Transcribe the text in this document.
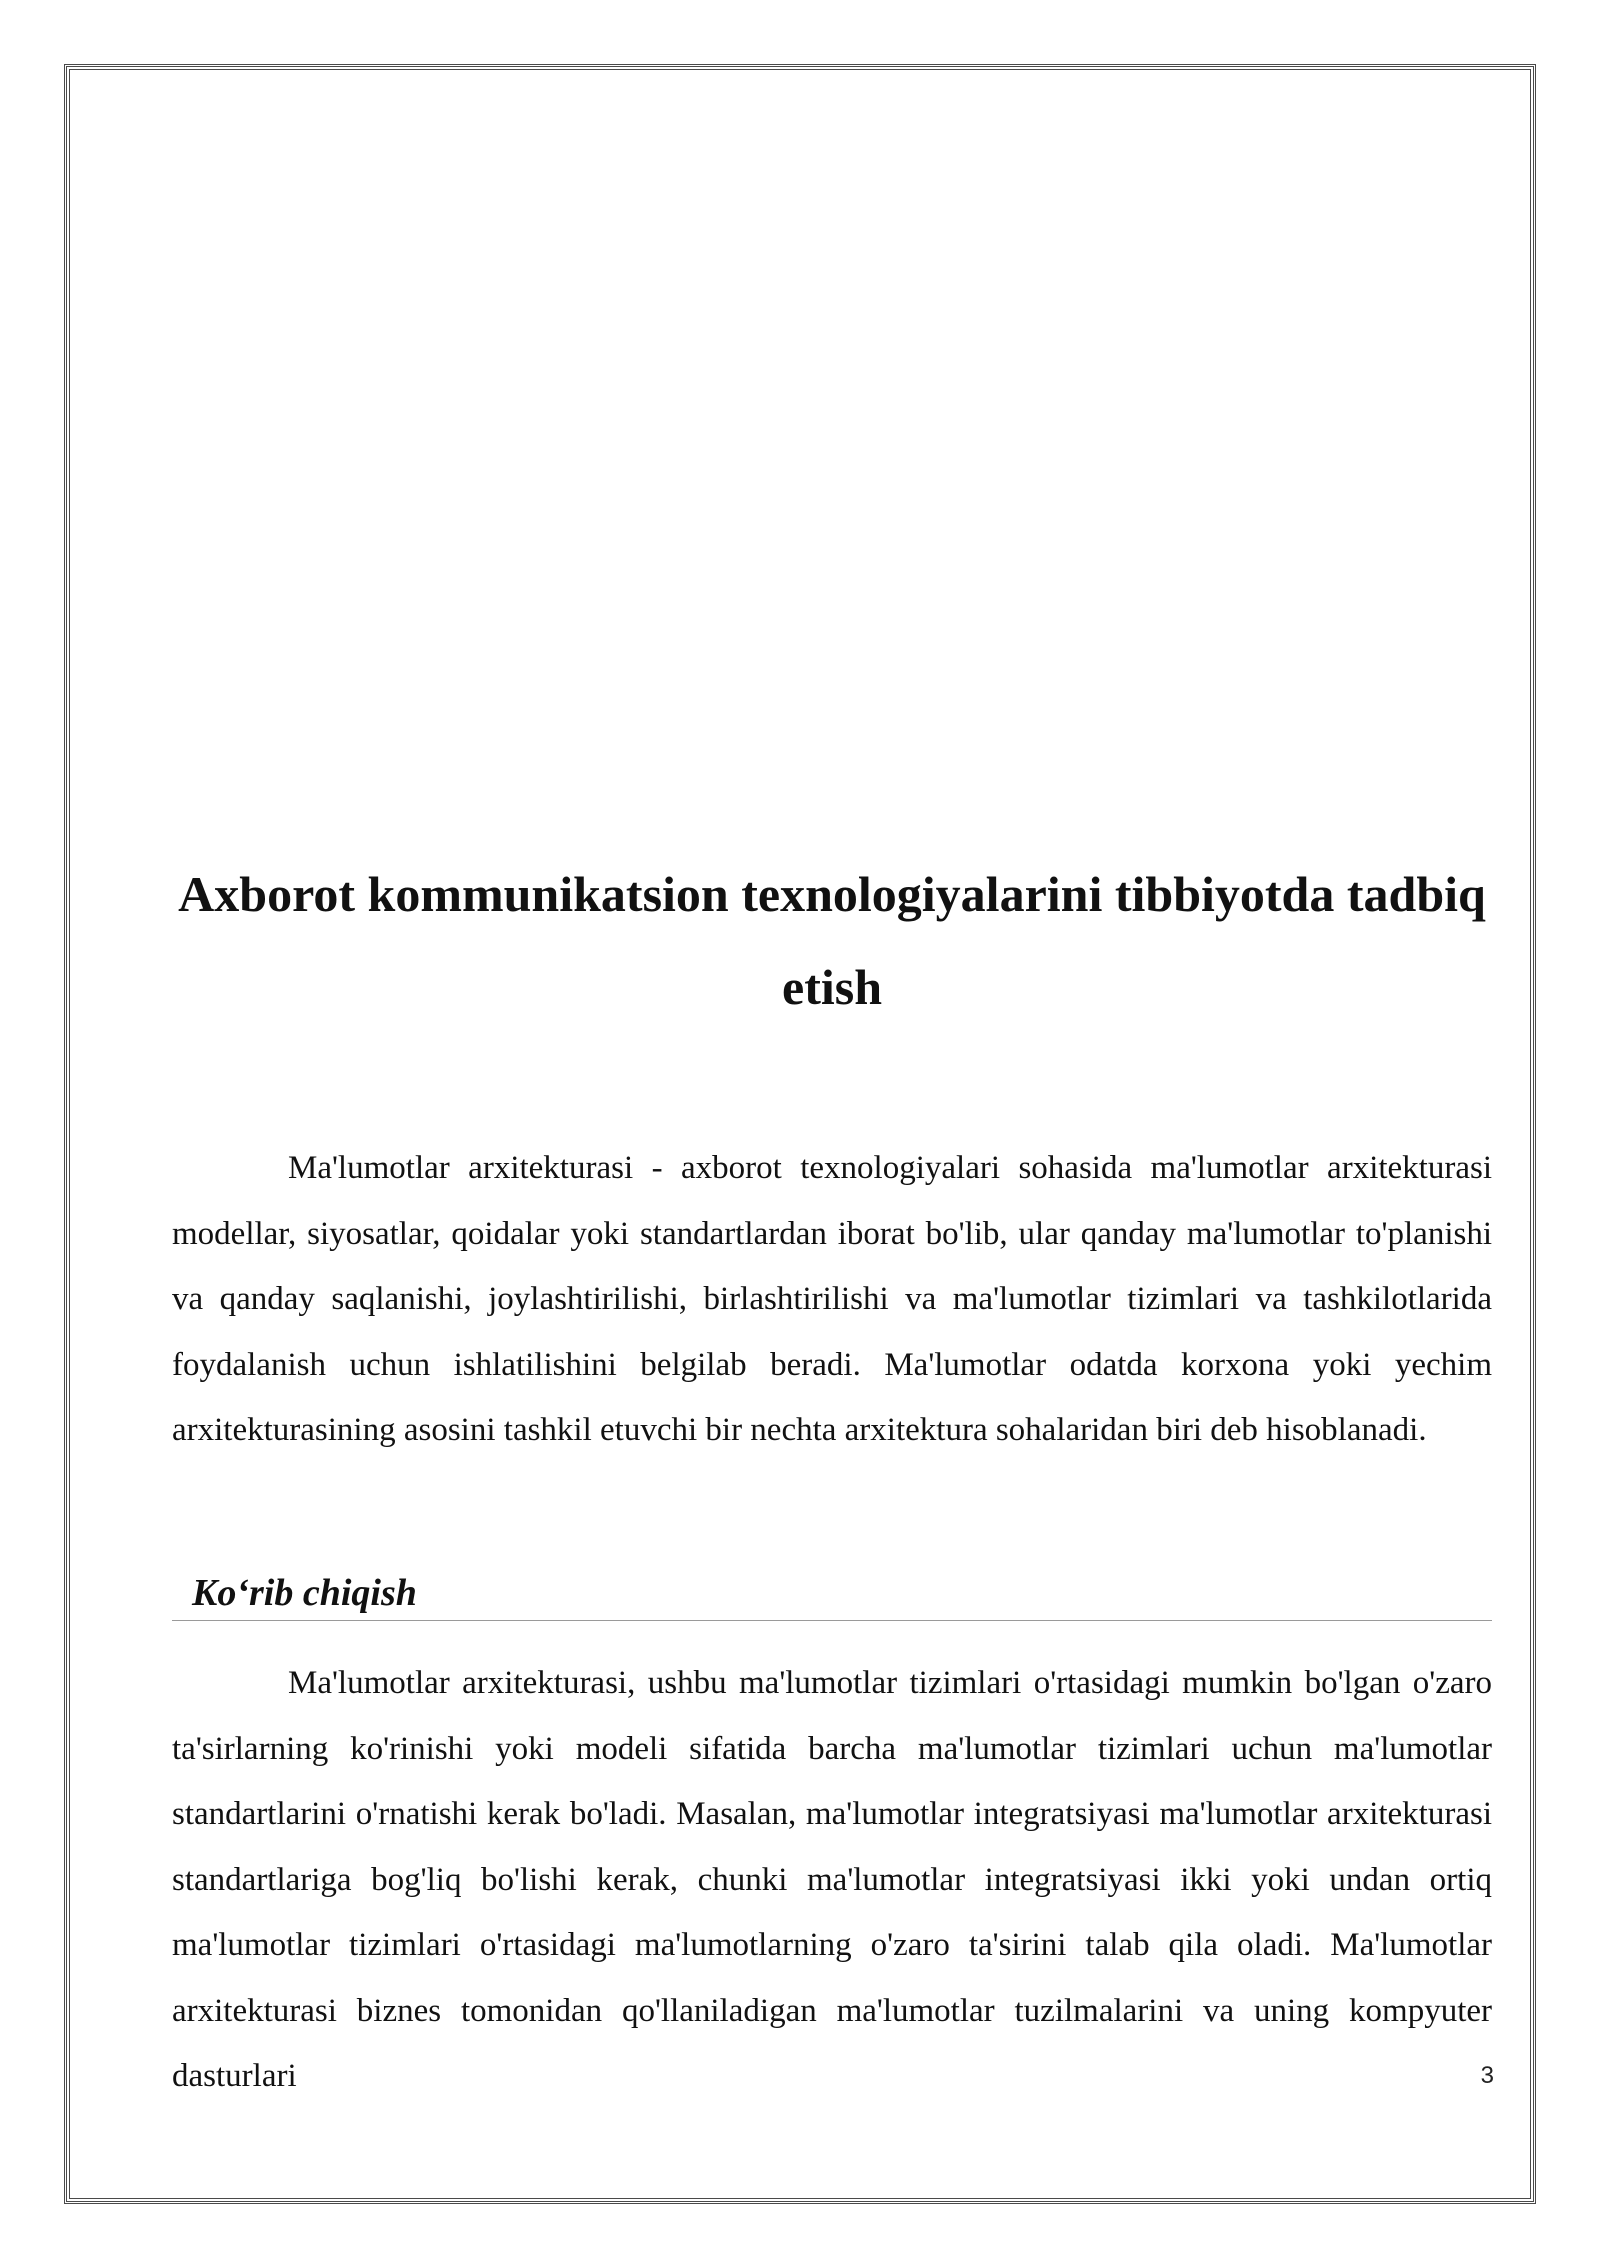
Axborot kommunikatsion texnologiyalarini tibbiyotda tadbiq etish

Ma'lumotlar arxitekturasi - axborot texnologiyalari sohasida ma'lumotlar arxitekturasi modellar, siyosatlar, qoidalar yoki standartlardan iborat bo'lib, ular qanday ma'lumotlar to'planishi va qanday saqlanishi, joylashtirilishi, birlashtirilishi va ma'lumotlar tizimlari va tashkilotlarida foydalanish uchun ishlatilishini belgilab beradi. Ma'lumotlar odatda korxona yoki yechim arxitekturasining asosini tashkil etuvchi bir nechta arxitektura sohalaridan biri deb hisoblanadi.

Ko‘rib chiqish

Ma'lumotlar arxitekturasi, ushbu ma'lumotlar tizimlari o'rtasidagi mumkin bo'lgan o'zaro ta'sirlarning ko'rinishi yoki modeli sifatida barcha ma'lumotlar tizimlari uchun ma'lumotlar standartlarini o'rnatishi kerak bo'ladi. Masalan, ma'lumotlar integratsiyasi ma'lumotlar arxitekturasi standartlariga bog'liq bo'lishi kerak, chunki ma'lumotlar integratsiyasi ikki yoki undan ortiq ma'lumotlar tizimlari o'rtasidagi ma'lumotlarning o'zaro ta'sirini talab qila oladi. Ma'lumotlar arxitekturasi biznes tomonidan qo'llaniladigan ma'lumotlar tuzilmalarini va uning kompyuter dasturlari	3
